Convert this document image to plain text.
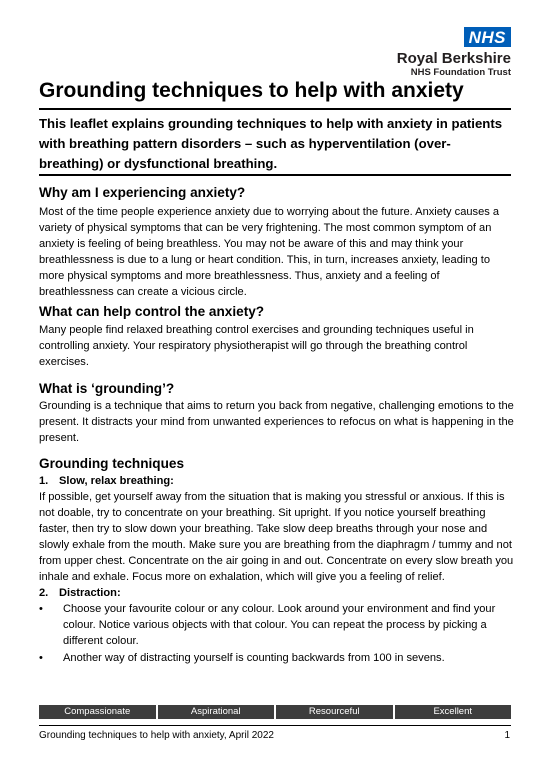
NHS
Royal Berkshire
NHS Foundation Trust
Grounding techniques to help with anxiety
This leaflet explains grounding techniques to help with anxiety in patients with breathing pattern disorders – such as hyperventilation (over-breathing) or dysfunctional breathing.
Why am I experiencing anxiety?
Most of the time people experience anxiety due to worrying about the future. Anxiety causes a variety of physical symptoms that can be very frightening. The most common symptom of an anxiety is feeling of being breathless. You may not be aware of this and may think your breathlessness is due to a lung or heart condition. This, in turn, increases anxiety, leading to more physical symptoms and more breathlessness. Thus, anxiety and a feeling of breathlessness can create a vicious circle.
What can help control the anxiety?
Many people find relaxed breathing control exercises and grounding techniques useful in controlling anxiety. Your respiratory physiotherapist will go through the breathing control exercises.
What is ‘grounding’?
Grounding is a technique that aims to return you back from negative, challenging emotions to the present. It distracts your mind from unwanted experiences to refocus on what is happening in the present.
Grounding techniques
1. Slow, relax breathing:
If possible, get yourself away from the situation that is making you stressful or anxious. If this is not doable, try to concentrate on your breathing. Sit upright. If you notice yourself breathing faster, then try to slow down your breathing. Take slow deep breaths through your nose and slowly exhale from the mouth. Make sure you are breathing from the diaphragm / tummy and not from upper chest. Concentrate on the air going in and out. Concentrate on every slow breath you inhale and exhale. Focus more on exhalation, which will give you a feeling of relief.
2. Distraction:
• Choose your favourite colour or any colour. Look around your environment and find your colour. Notice various objects with that colour. You can repeat the process by picking a different colour.
• Another way of distracting yourself is counting backwards from 100 in sevens.
Compassionate	Aspirational	Resourceful	Excellent
Grounding techniques to help with anxiety, April 2022	1
